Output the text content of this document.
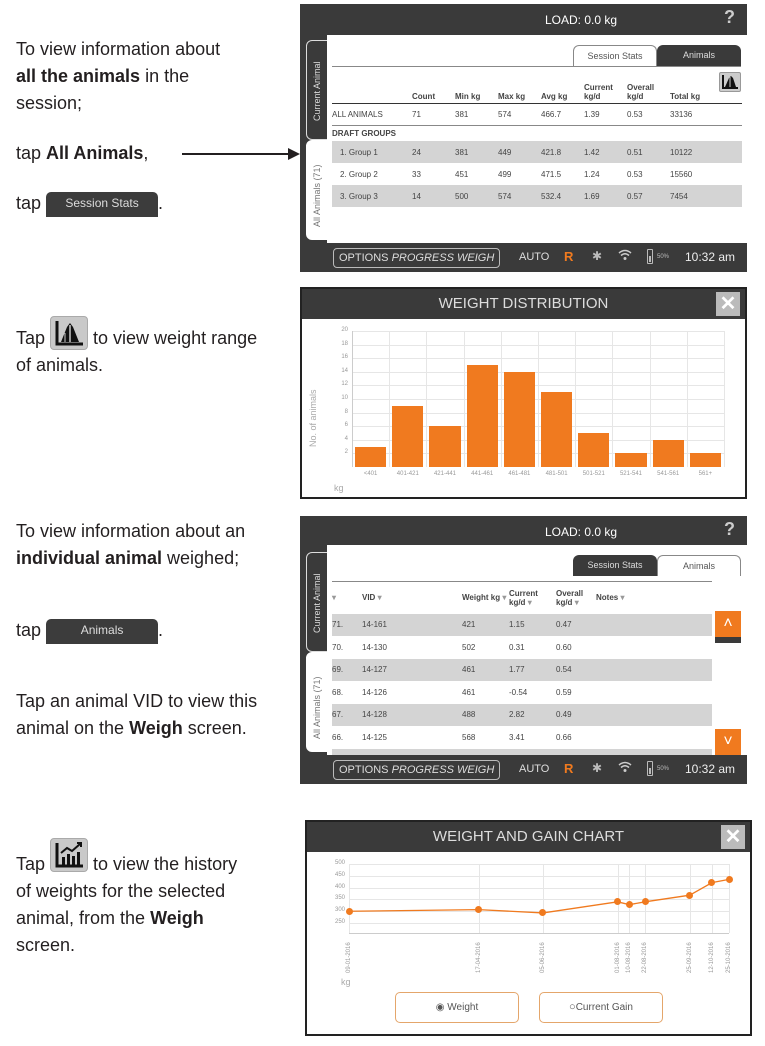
To view information about
all the animals in the
session;
tap All Animals,
tap Session Stats .
LOAD: 0.0 kg	?
Current Animal
All Animals (71)
Session Stats	Animals
	Count	Min kg	Max kg	Avg kg	Current kg/d	Overall kg/d	Total kg	
ALL ANIMALS	71	381	574	466.7	1.39	0.53	33136	
DRAFT GROUPS								
1. Group 1	24	381	449	421.8	1.42	0.51	10122	
2. Group 2	33	451	499	471.5	1.24	0.53	15560	
3. Group 3	14	500	574	532.4	1.69	0.57	7454	
OPTIONS PROGRESS WEIGH	AUTO R ✱	50% 10:32 am
Tap
to view weight range
of animals.
WEIGHT DISTRIBUTION	✕
2
4
6
8
10
12
14
16
18
20
<401	401-421	421-441	441-461	461-481	481-501	501-521	521-541	541-561	561+
No. of animals
kg
To view information about an
individual animal weighed;
tap	Animals .
Tap an animal VID to view this
animal on the Weigh screen.
LOAD: 0.0 kg	?
Current Animal
All Animals (71)
Session Stats	Animals
▾	VID ▾	Weight kg ▾	Current kg/d ▾	Overall kg/d ▾	Notes ▾
71.	14-161	421	1.15	0.47	
70.	14-130	502	0.31	0.60	
69.	14-127	461	1.77	0.54	
68.	14-126	461	-0.54	0.59	
67.	14-128	488	2.82	0.49	
66.	14-125	568	3.41	0.66	

˄
˅
OPTIONS PROGRESS WEIGH	AUTO R ✱	50% 10:32 am
Tap
to view the history
of weights for the selected
animal, from the Weigh
screen.
WEIGHT AND GAIN CHART	✕
250
300
350
400
450
500
09-01-2016	17-04-2016	05-06-2016	01-08-2016 10-08-2016 22-08-2016	25-09-2016	12-10-2016 25-10-2016
kg
◉ Weight	○Current Gain
